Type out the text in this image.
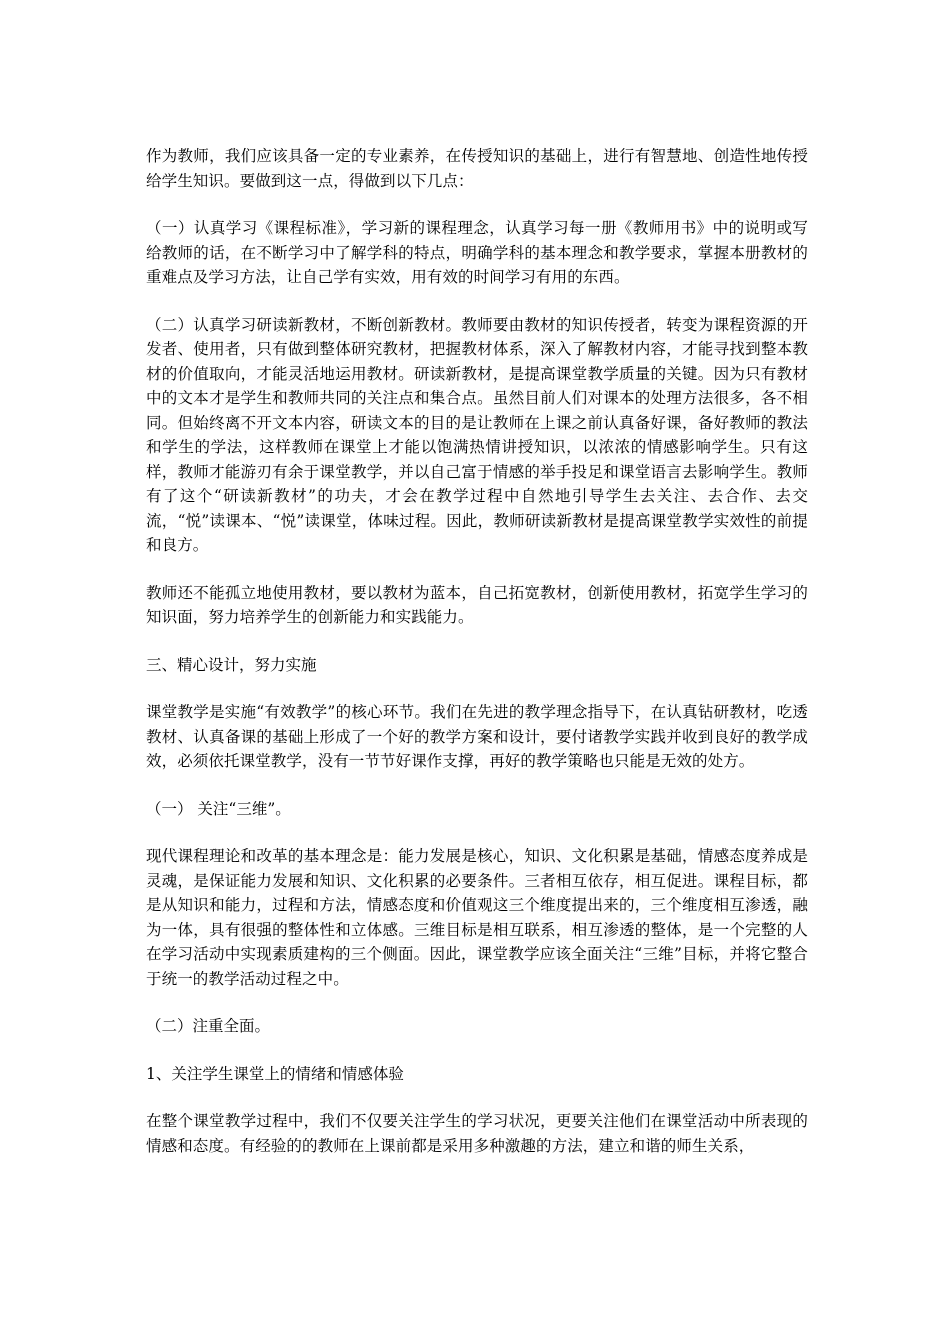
作为教师，我们应该具备一定的专业素养，在传授知识的基础上，进行有智慧地、创造性地传授给学生知识。要做到这一点，得做到以下几点：

（一）认真学习《课程标准》，学习新的课程理念，认真学习每一册《教师用书》中的说明或写给教师的话，在不断学习中了解学科的特点，明确学科的基本理念和教学要求，掌握本册教材的重难点及学习方法，让自己学有实效，用有效的时间学习有用的东西。

（二）认真学习研读新教材，不断创新教材。教师要由教材的知识传授者，转变为课程资源的开发者、使用者，只有做到整体研究教材，把握教材体系，深入了解教材内容，才能寻找到整本教材的价值取向，才能灵活地运用教材。研读新教材，是提高课堂教学质量的关键。因为只有教材中的文本才是学生和教师共同的关注点和集合点。虽然目前人们对课本的处理方法很多，各不相同。但始终离不开文本内容，研读文本的目的是让教师在上课之前认真备好课，备好教师的教法和学生的学法，这样教师在课堂上才能以饱满热情讲授知识，以浓浓的情感影响学生。只有这样，教师才能游刃有余于课堂教学，并以自己富于情感的举手投足和课堂语言去影响学生。教师有了这个“研读新教材”的功夫，才会在教学过程中自然地引导学生去关注、去合作、去交流，“悦”读课本、“悦”读课堂，体味过程。因此，教师研读新教材是提高课堂教学实效性的前提和良方。

教师还不能孤立地使用教材，要以教材为蓝本，自己拓宽教材，创新使用教材，拓宽学生学习的知识面，努力培养学生的创新能力和实践能力。

三、精心设计，努力实施

课堂教学是实施“有效教学”的核心环节。我们在先进的教学理念指导下，在认真钻研教材，吃透教材、认真备课的基础上形成了一个好的教学方案和设计，要付诸教学实践并收到良好的教学成效，必须依托课堂教学，没有一节节好课作支撑，再好的教学策略也只能是无效的处方。

（一） 关注“三维”。

现代课程理论和改革的基本理念是：能力发展是核心，知识、文化积累是基础，情感态度养成是灵魂，是保证能力发展和知识、文化积累的必要条件。三者相互依存，相互促进。课程目标，都是从知识和能力，过程和方法，情感态度和价值观这三个维度提出来的，三个维度相互渗透，融为一体，具有很强的整体性和立体感。三维目标是相互联系，相互渗透的整体，是一个完整的人在学习活动中实现素质建构的三个侧面。因此，课堂教学应该全面关注“三维”目标，并将它整合于统一的教学活动过程之中。

（二）注重全面。

1、关注学生课堂上的情绪和情感体验

在整个课堂教学过程中，我们不仅要关注学生的学习状况，更要关注他们在课堂活动中所表现的情感和态度。有经验的的教师在上课前都是采用多种激趣的方法，建立和谐的师生关系，
